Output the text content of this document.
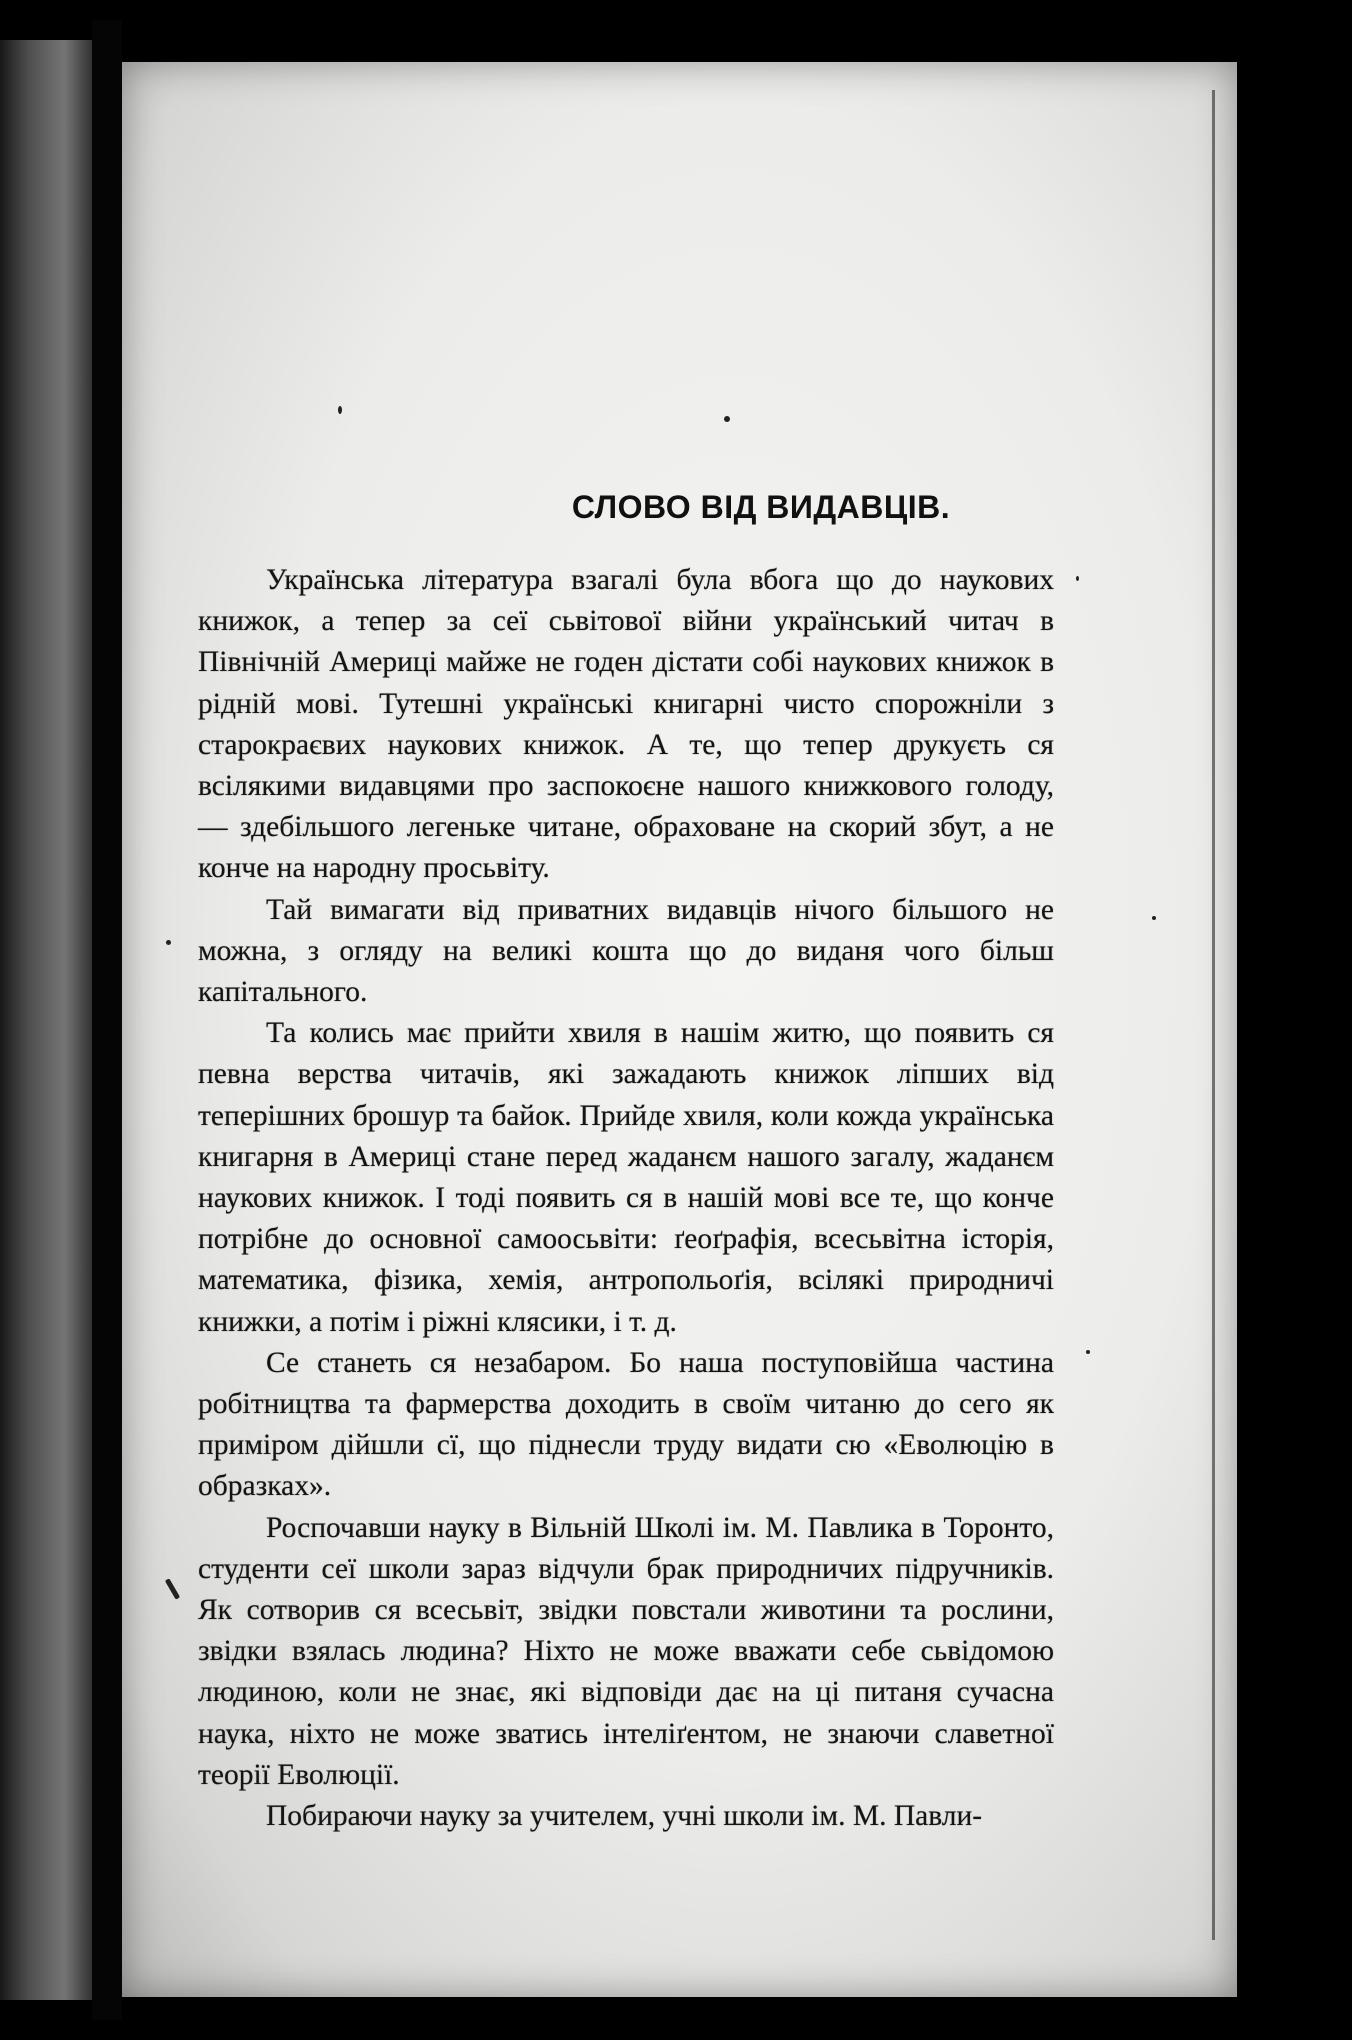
СЛОВО ВІД ВИДАВЦІВ.

Українська література взагалі була вбога що до наукових книжок, а тепер за сеї сьвітової війни український читач в Північній Америці майже не годен дістати собі наукових книжок в рідній мові. Тутешні українські книгарні чисто спорожніли з старокраєвих наукових книжок. А те, що тепер друкуєть ся всілякими видавцями про заспокоєне нашого книжкового голоду, — здебільшого легеньке читане, обраховане на скорий збут, а не конче на народну просьвіту.

Тай вимагати від приватних видавців нічого більшого не можна, з огляду на великі кошта що до виданя чого більш капітального.

Та колись має прийти хвиля в нашім житю, що появить ся певна верства читачів, які зажадають книжок ліпших від теперішних брошур та байок. Прийде хвиля, коли кожда українська книгарня в Америці стане перед жаданєм нашого загалу, жаданєм наукових книжок. І тоді появить ся в нашій мові все те, що конче потрібне до основної самоосьвіти: ґеоґрафія, всесьвітна історія, математика, фізика, хемія, антропольоґія, всілякі природничі книжки, а потім і ріжні клясики, і т. д.

Се станеть ся незабаром. Бо наша поступовійша частина робітництва та фармерства доходить в своїм читаню до сего як приміром дійшли сї, що піднесли труду видати сю «Еволюцію в образках».

Роспочавши науку в Вільній Школі ім. М. Павлика в Торонто, студенти сеї школи зараз відчули брак природничих підручників. Як сотворив ся всесьвіт, звідки повстали животини та рослини, звідки взялась людина? Ніхто не може вважати себе сьвідомою людиною, коли не знає, які відповіди дає на ці питаня сучасна наука, ніхто не може зватись інтеліґентом, не знаючи славетної теорії Еволюції.

Побираючи науку за учителем, учні школи ім. М. Павли-
